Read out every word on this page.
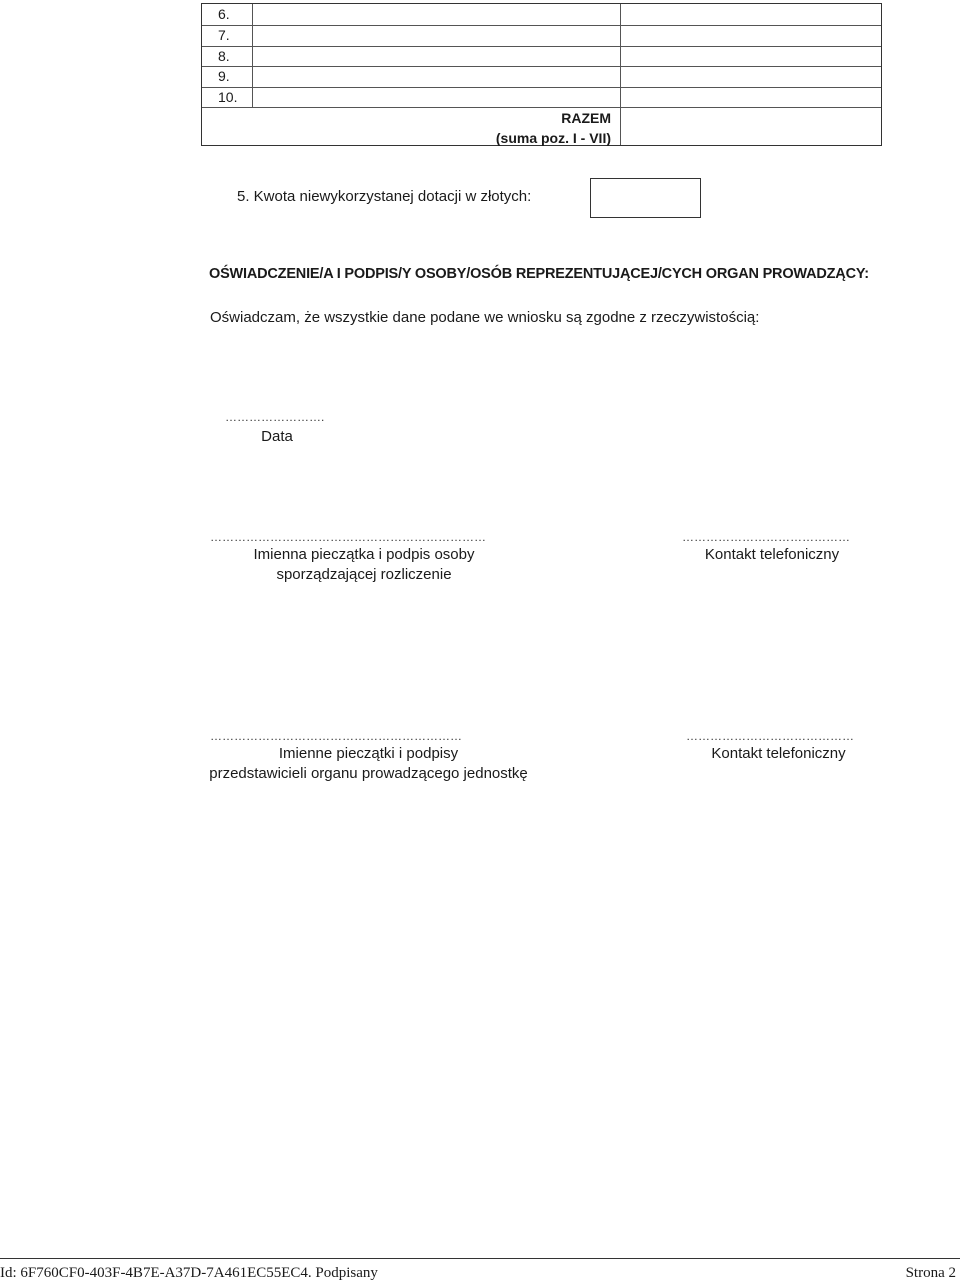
6.
7.
8.
9.
10.
RAZEM
(suma poz. I - VII)
5. Kwota niewykorzystanej dotacji w złotych:
OŚWIADCZENIE/A I PODPIS/Y OSOBY/OSÓB REPREZENTUJĄCEJ/CYCH ORGAN PROWADZĄCY:
Oświadczam, że wszystkie dane podane we wniosku są zgodne z rzeczywistością:
…………………….
Data
……………………………………………………………
Imienna pieczątka i podpis osoby
sporządzającej rozliczenie
……………………………………
Kontakt telefoniczny
………………………………………………………
Imienne pieczątki i podpisy
przedstawicieli organu prowadzącego jednostkę
……………………………………
Kontakt telefoniczny
Id: 6F760CF0-403F-4B7E-A37D-7A461EC55EC4. Podpisany	Strona 2
